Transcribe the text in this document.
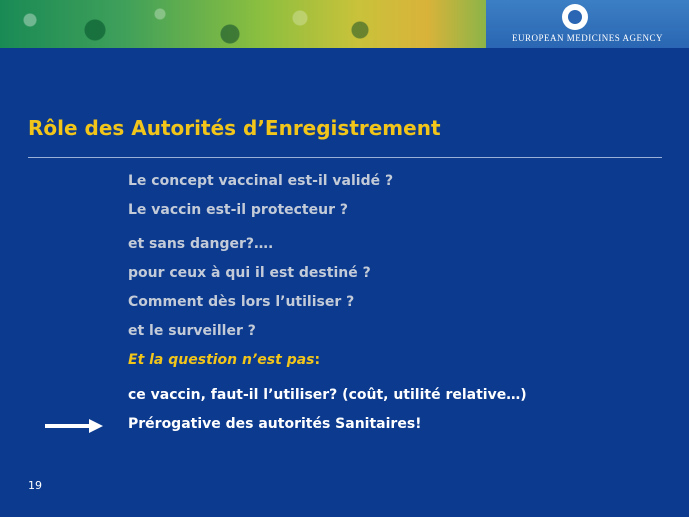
EUROPEAN MEDICINES AGENCY
Rôle des Autorités d’Enregistrement

Le concept vaccinal est-il validé ?

Le vaccin est-il protecteur ?

et sans danger?….

pour ceux à qui il est destiné ?

Comment dès lors l’utiliser ?

et le surveiller ?

Et la question n’est pas:

ce vaccin, faut-il l’utiliser? (coût, utilité relative…)

Prérogative des autorités Sanitaires!

19
